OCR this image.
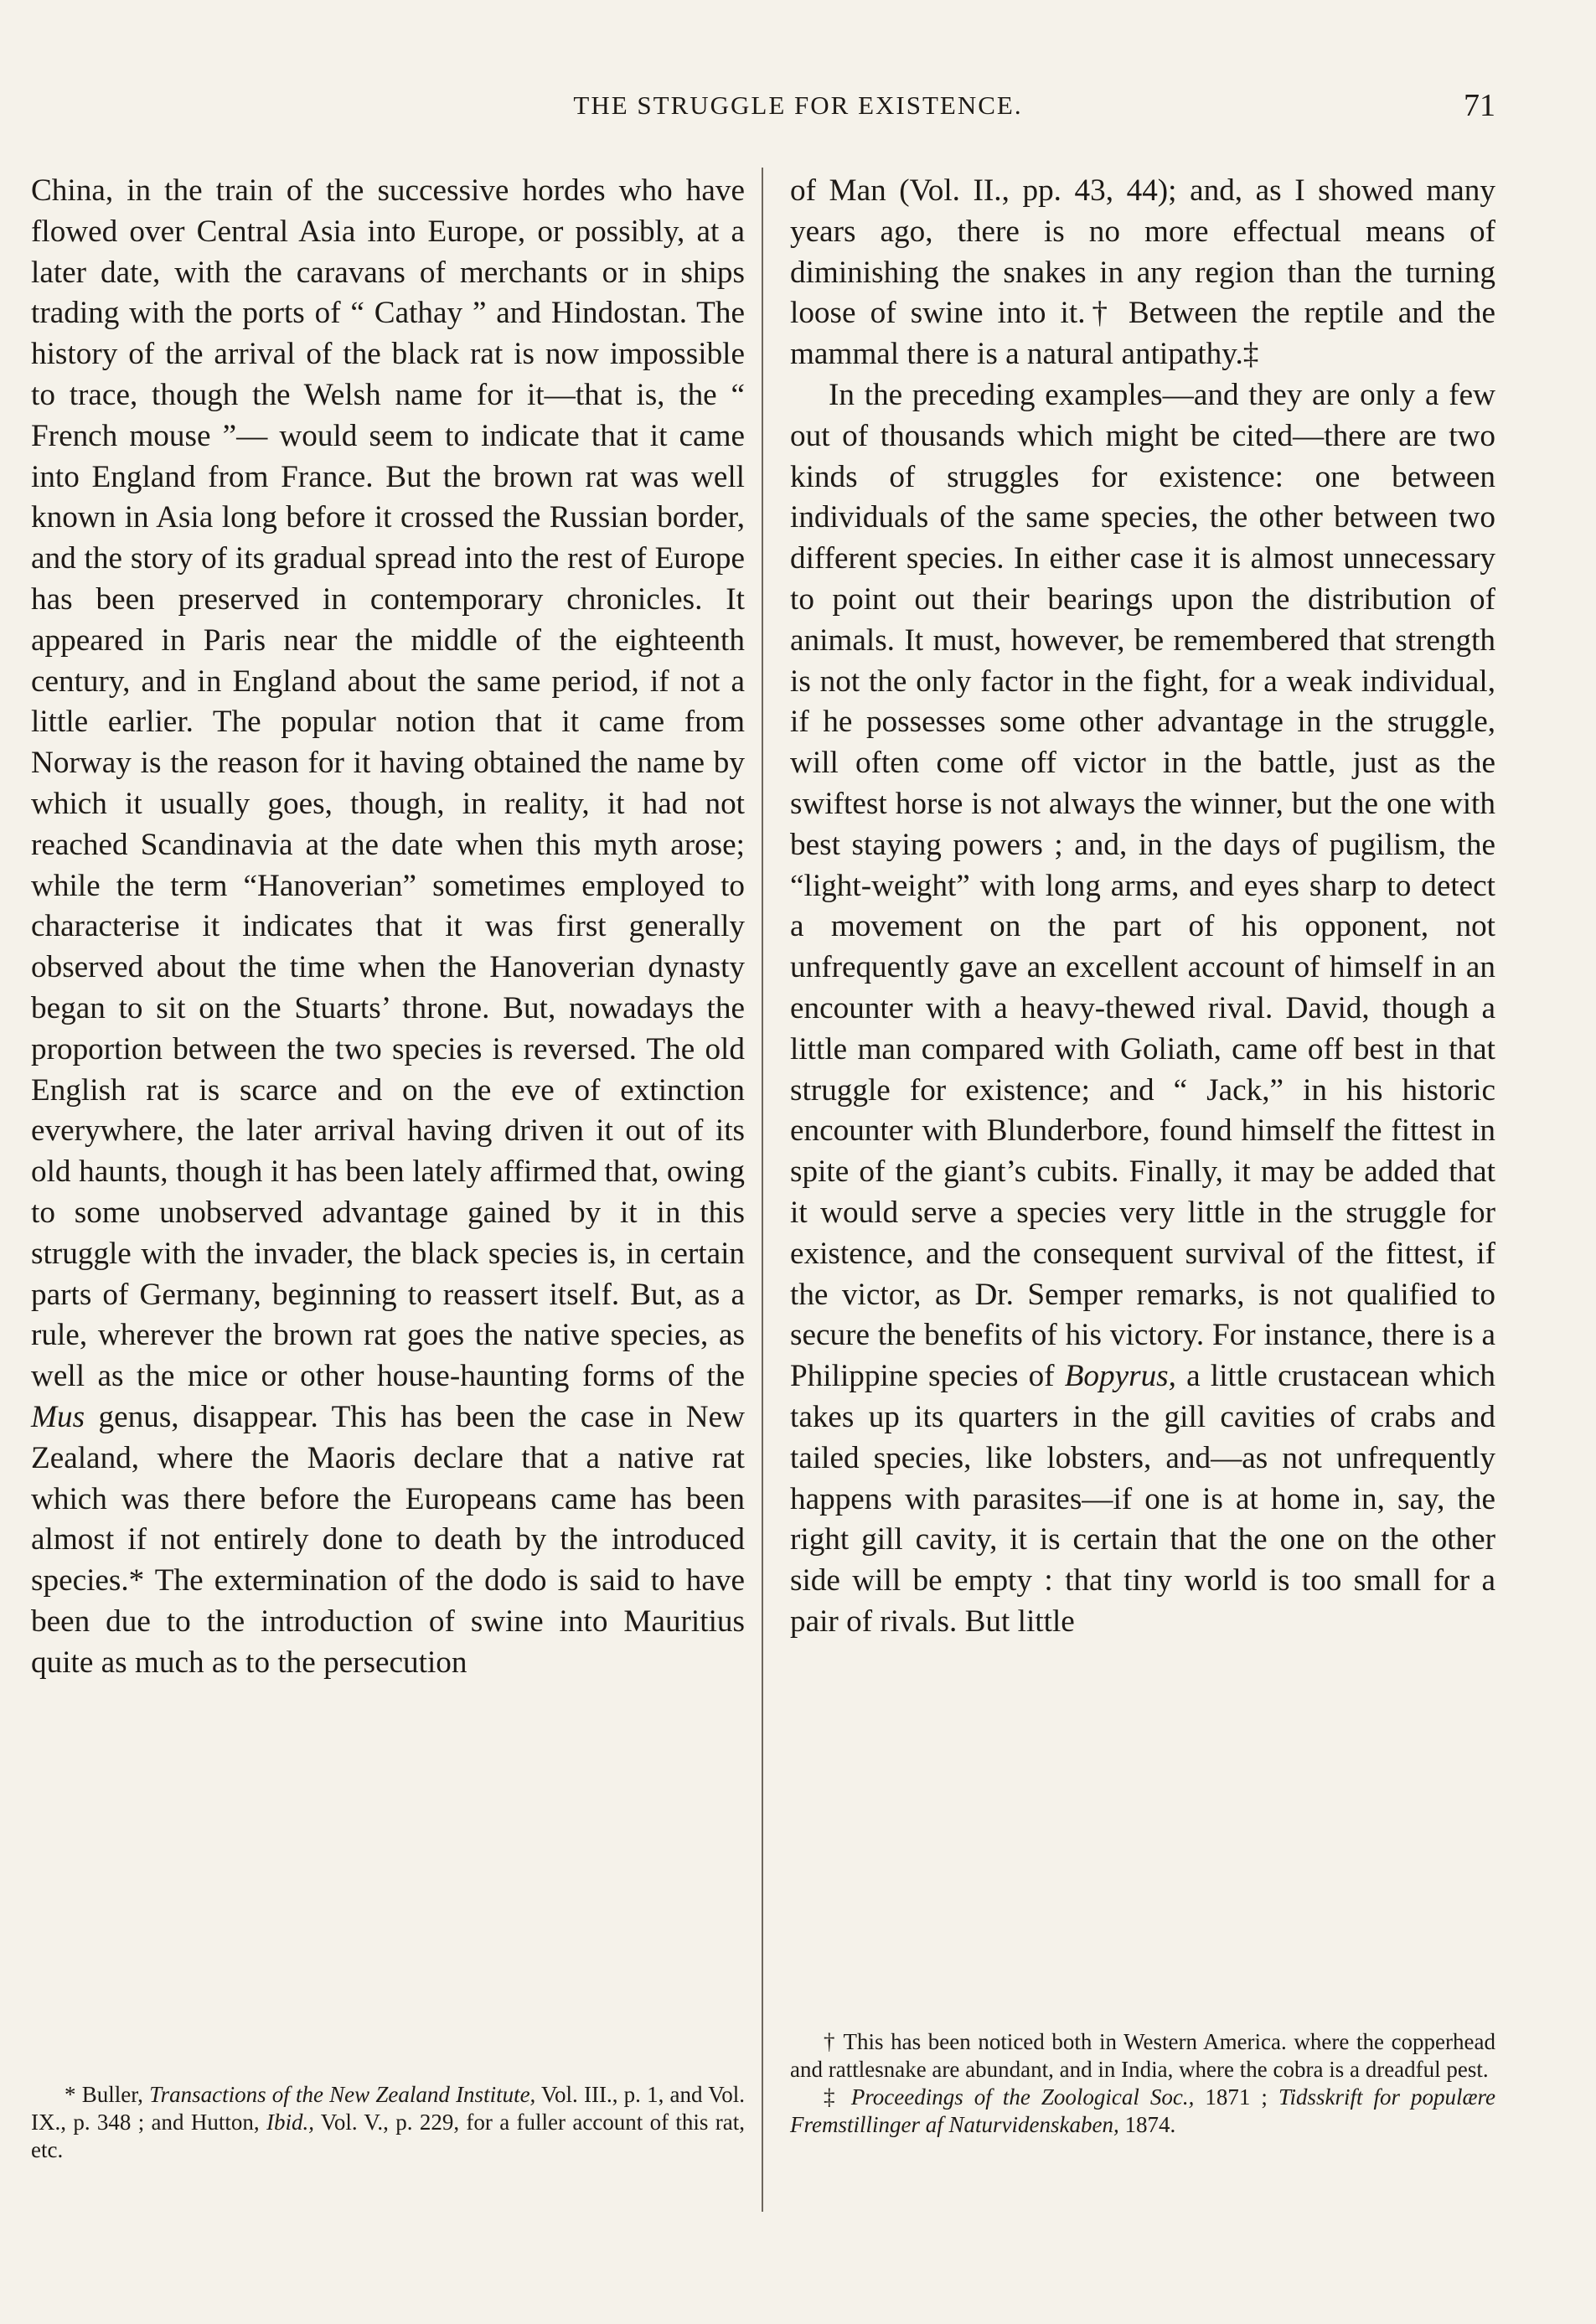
THE STRUGGLE FOR EXISTENCE.	71

China, in the train of the successive hordes who have flowed over Central Asia into Europe, or possibly, at a later date, with the caravans of merchants or in ships trading with the ports of “ Cathay ” and Hindostan. The history of the arrival of the black rat is now impossible to trace, though the Welsh name for it—that is, the “ French mouse ”— would seem to indicate that it came into England from France. But the brown rat was well known in Asia long before it crossed the Russian border, and the story of its gradual spread into the rest of Europe has been preserved in contemporary chronicles. It appeared in Paris near the middle of the eighteenth century, and in England about the same period, if not a little earlier. The popular notion that it came from Norway is the reason for it having obtained the name by which it usually goes, though, in reality, it had not reached Scandinavia at the date when this myth arose; while the term “Hanoverian” sometimes employed to characterise it indicates that it was first generally observed about the time when the Hanoverian dynasty began to sit on the Stuarts’ throne. But, nowadays the proportion between the two species is reversed. The old English rat is scarce and on the eve of extinction everywhere, the later arrival having driven it out of its old haunts, though it has been lately affirmed that, owing to some unobserved advantage gained by it in this struggle with the invader, the black species is, in certain parts of Germany, beginning to reassert itself. But, as a rule, wherever the brown rat goes the native species, as well as the mice or other house-haunting forms of the Mus genus, disappear. This has been the case in New Zealand, where the Maoris declare that a native rat which was there before the Europeans came has been almost if not entirely done to death by the introduced species.* The extermination of the dodo is said to have been due to the introduction of swine into Mauritius quite as much as to the persecution

of Man (Vol. II., pp. 43, 44); and, as I showed many years ago, there is no more effectual means of diminishing the snakes in any region than the turning loose of swine into it.† Between the reptile and the mammal there is a natural antipathy.‡

In the preceding examples—and they are only a few out of thousands which might be cited—there are two kinds of struggles for existence: one between individuals of the same species, the other between two different species. In either case it is almost unnecessary to point out their bearings upon the distribution of animals. It must, however, be remembered that strength is not the only factor in the fight, for a weak individual, if he possesses some other advantage in the struggle, will often come off victor in the battle, just as the swiftest horse is not always the winner, but the one with best staying powers ; and, in the days of pugilism, the “light-weight” with long arms, and eyes sharp to detect a movement on the part of his opponent, not unfrequently gave an excellent account of himself in an encounter with a heavy-thewed rival. David, though a little man compared with Goliath, came off best in that struggle for existence; and “ Jack,” in his historic encounter with Blunderbore, found himself the fittest in spite of the giant’s cubits. Finally, it may be added that it would serve a species very little in the struggle for existence, and the consequent survival of the fittest, if the victor, as Dr. Semper remarks, is not qualified to secure the benefits of his victory. For instance, there is a Philippine species of Bopyrus, a little crustacean which takes up its quarters in the gill cavities of crabs and tailed species, like lobsters, and—as not unfrequently happens with parasites—if one is at home in, say, the right gill cavity, it is certain that the one on the other side will be empty : that tiny world is too small for a pair of rivals. But little

* Buller, Transactions of the New Zealand Institute, Vol. III., p. 1, and Vol. IX., p. 348 ; and Hutton, Ibid., Vol. V., p. 229, for a fuller account of this rat, etc.

† This has been noticed both in Western America. where the copperhead and rattlesnake are abundant, and in India, where the cobra is a dreadful pest.

‡ Proceedings of the Zoological Soc., 1871 ; Tidsskrift for populære Fremstillinger af Naturvidenskaben, 1874.
